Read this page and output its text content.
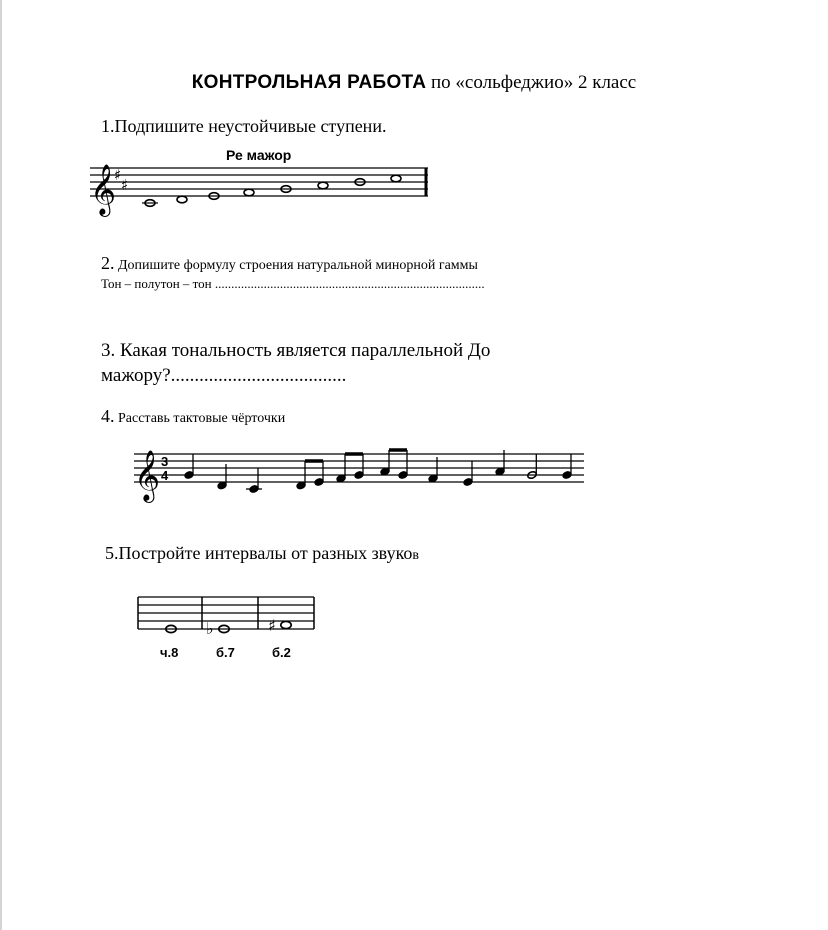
КОНТРОЛЬНАЯ РАБОТА по «сольфеджио» 2 класс
1.Подпишите неустойчивые ступени.
Ре мажор
𝄞
♯
♯
2. Допишите формулу строения натуральной минорной гаммы
Тон – полутон – тон ...................................................................................
3. Какая тональность является параллельной До мажору?.....................................
4. Расставь тактовые чёрточки
𝄞 3
4
5.Постройте интервалы от разных звуков
♭	♯
ч.8	б.7	б.2
